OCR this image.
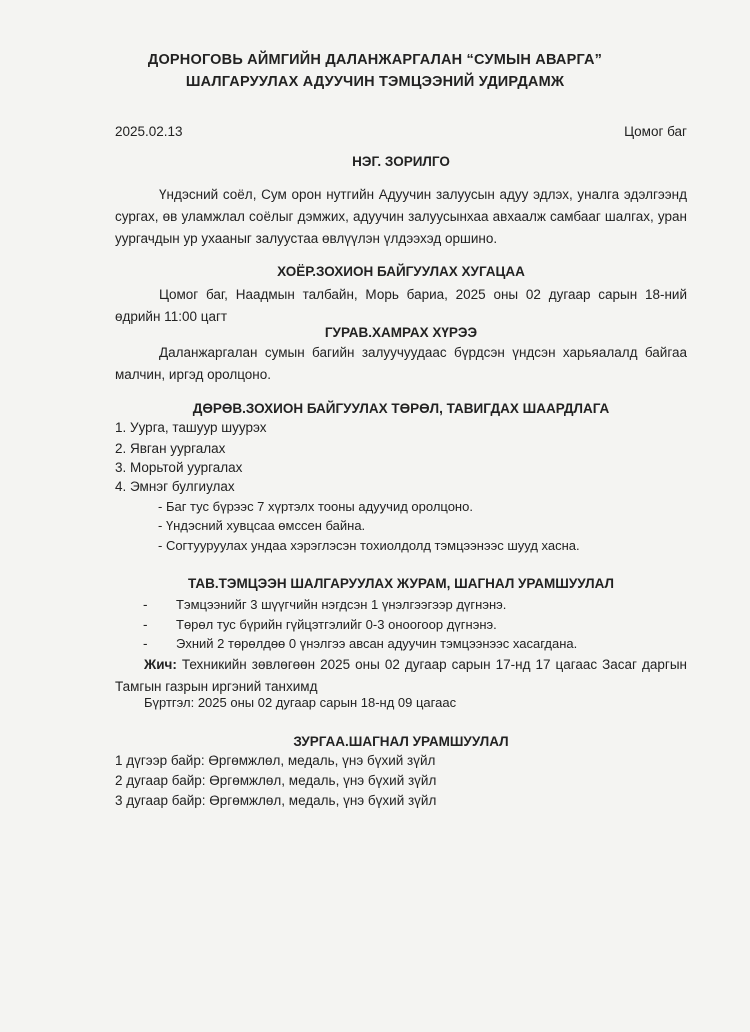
ДОРНОГОВЬ АЙМГИЙН ДАЛАНЖАРГАЛАН “СУМЫН АВАРГА”
ШАЛГАРУУЛАХ АДУУЧИН ТЭМЦЭЭНИЙ УДИРДАМЖ
2025.02.13	Цомог баг
НЭГ. ЗОРИЛГО
Үндэсний соёл, Сум орон нутгийн Адуучин залуусын адуу эдлэх, уналга эдэлгээнд сургах, өв уламжлал соёлыг дэмжих, адуучин залуусынхаа авхаалж самбааг шалгах, уран уургачдын ур ухааныг залуустаа өвлүүлэн үлдээхэд оршино.
ХОЁР.ЗОХИОН БАЙГУУЛАХ ХУГАЦАА
Цомог баг, Наадмын талбайн, Морь бариа, 2025 оны 02 дугаар сарын 18-ний өдрийн 11:00 цагт
ГУРАВ.ХАМРАХ ХҮРЭЭ
Даланжаргалан сумын багийн залуучуудаас бүрдсэн үндсэн харьяалалд байгаа малчин, иргэд оролцоно.
ДӨРӨВ.ЗОХИОН БАЙГУУЛАХ ТӨРӨЛ, ТАВИГДАХ ШААРДЛАГА
1. Уурга, ташуур шуурэх
2. Явган уургалах
3. Морьтой уургалах
4. Эмнэг булгиулах
- Баг тус бүрээс 7 хүртэлх тооны адуучид оролцоно.
- Үндэсний хувцсаа өмссен байна.
- Согтууруулах ундаа хэрэглэсэн тохиолдолд тэмцээнээс шууд хасна.
ТАВ.ТЭМЦЭЭН ШАЛГАРУУЛАХ ЖУРАМ, ШАГНАЛ УРАМШУУЛАЛ
- Тэмцээнийг 3 шүүгчийн нэгдсэн 1 үнэлгээгээр дүгнэнэ.
- Төрөл тус бүрийн гүйцэтгэлийг 0-3 оноогоор дүгнэнэ.
- Эхний 2 төрөлдөө 0 үнэлгээ авсан адуучин тэмцээнээс хасагдана.
Жич: Техникийн зөвлөгөөн 2025 оны 02 дугаар сарын 17-нд 17 цагаас Засаг даргын Тамгын газрын иргэний танхимд
Бүртгэл: 2025 оны 02 дугаар сарын 18-нд 09 цагаас
ЗУРГАА.ШАГНАЛ УРАМШУУЛАЛ
1 дүгээр байр: Өргөмжлөл, медаль, үнэ бүхий зүйл
2 дугаар байр: Өргөмжлөл, медаль, үнэ бүхий зүйл
3 дугаар байр: Өргөмжлөл, медаль, үнэ бүхий зүйл
